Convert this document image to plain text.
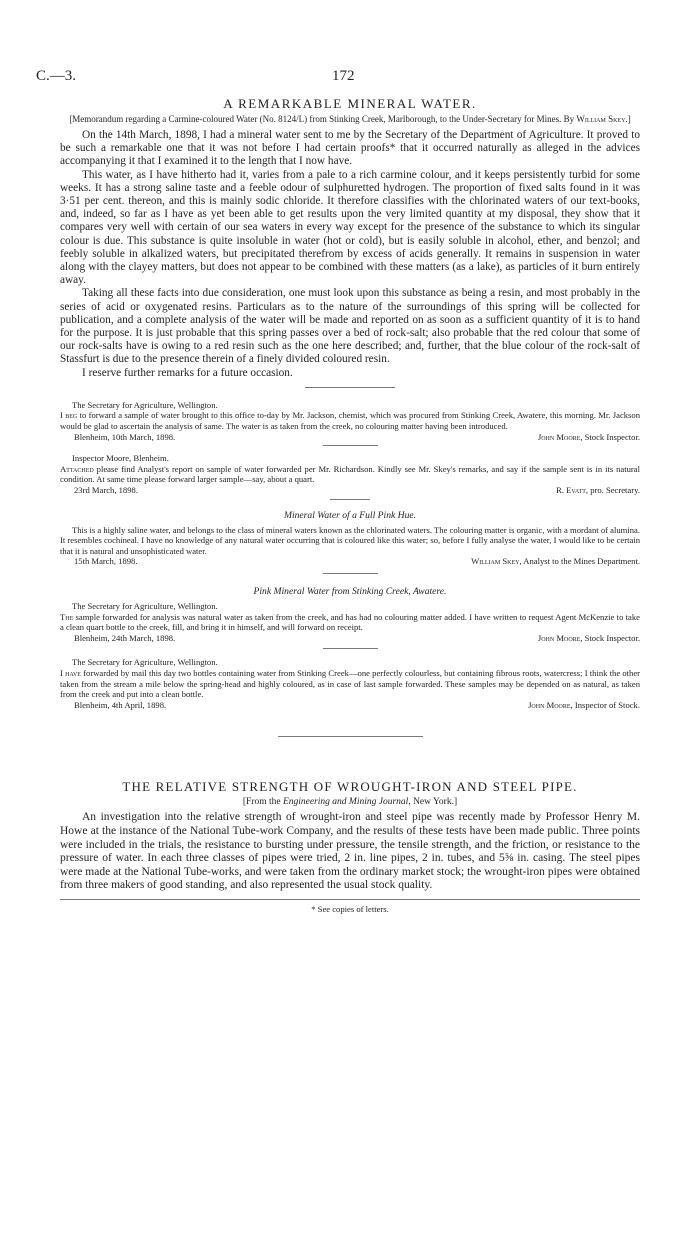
C.—3.	172
A REMARKABLE MINERAL WATER.
[Memorandum regarding a Carmine-coloured Water (No. 8124/L) from Stinking Creek, Marlborough, to the Under-Secretary for Mines. By William Skey.]

On the 14th March, 1898, I had a mineral water sent to me by the Secretary of the Department of Agriculture. It proved to be such a remarkable one that it was not before I had certain proofs* that it occurred naturally as alleged in the advices accompanying it that I examined it to the length that I now have.

This water, as I have hitherto had it, varies from a pale to a rich carmine colour, and it keeps persistently turbid for some weeks. It has a strong saline taste and a feeble odour of sulphuretted hydrogen. The proportion of fixed salts found in it was 3·51 per cent. thereon, and this is mainly sodic chloride. It therefore classifies with the chlorinated waters of our text-books, and, indeed, so far as I have as yet been able to get results upon the very limited quantity at my disposal, they show that it compares very well with certain of our sea waters in every way except for the presence of the substance to which its singular colour is due. This substance is quite insoluble in water (hot or cold), but is easily soluble in alcohol, ether, and benzol; and feebly soluble in alkalized waters, but precipitated therefrom by excess of acids generally. It remains in suspension in water along with the clayey matters, but does not appear to be combined with these matters (as a lake), as particles of it burn entirely away.

Taking all these facts into due consideration, one must look upon this substance as being a resin, and most probably in the series of acid or oxygenated resins. Particulars as to the nature of the surroundings of this spring will be collected for publication, and a complete analysis of the water will be made and reported on as soon as a sufficient quantity of it is to hand for the purpose. It is just probable that this spring passes over a bed of rock-salt; also probable that the red colour that some of our rock-salts have is owing to a red resin such as the one here described; and, further, that the blue colour of the rock-salt of Stassfurt is due to the presence therein of a finely divided coloured resin.

I reserve further remarks for a future occasion.

The Secretary for Agriculture, Wellington.
I beg to forward a sample of water brought to this office to-day by Mr. Jackson, chemist, which was procured from Stinking Creek, Awatere, this morning. Mr. Jackson would be glad to ascertain the analysis of same. The water is as taken from the creek, no colouring matter having been introduced.
Blenheim, 10th March, 1898.	John Moore, Stock Inspector.
Inspector Moore, Blenheim.
Attached please find Analyst's report on sample of water forwarded per Mr. Richardson. Kindly see Mr. Skey's remarks, and say if the sample sent is in its natural condition. At same time please forward larger sample—say, about a quart.
23rd March, 1898.	R. Evatt, pro. Secretary.
Mineral Water of a Full Pink Hue.
This is a highly saline water, and belongs to the class of mineral waters known as the chlorinated waters. The colouring matter is organic, with a mordant of alumina. It resembles cochineal. I have no knowledge of any natural water occurring that is coloured like this water; so, before I fully analyse the water, I would like to be certain that it is natural and unsophisticated water.
15th March, 1898.	William Skey, Analyst to the Mines Department.
Pink Mineral Water from Stinking Creek, Awatere.
The Secretary for Agriculture, Wellington.
The sample forwarded for analysis was natural water as taken from the creek, and has had no colouring matter added. I have written to request Agent McKenzie to take a clean quart bottle to the creek, fill, and bring it in himself, and will forward on receipt.
Blenheim, 24th March, 1898.	John Moore, Stock Inspector.
The Secretary for Agriculture, Wellington.
I have forwarded by mail this day two bottles containing water from Stinking Creek—one perfectly colourless, but containing fibrous roots, watercress; I think the other taken from the stream a mile below the spring-head and highly coloured, as in case of last sample forwarded. These samples may be depended on as natural, as taken from the creek and put into a clean bottle.
Blenheim, 4th April, 1898.	John Moore, Inspector of Stock.
THE RELATIVE STRENGTH OF WROUGHT-IRON AND STEEL PIPE.
[From the Engineering and Mining Journal, New York.]

An investigation into the relative strength of wrought-iron and steel pipe was recently made by Professor Henry M. Howe at the instance of the National Tube-work Company, and the results of these tests have been made public. Three points were included in the trials, the resistance to bursting under pressure, the tensile strength, and the friction, or resistance to the pressure of water. In each three classes of pipes were tried, 2 in. line pipes, 2 in. tubes, and 5⅝ in. casing. The steel pipes were made at the National Tube-works, and were taken from the ordinary market stock; the wrought-iron pipes were obtained from three makers of good standing, and also represented the usual stock quality.

* See copies of letters.
